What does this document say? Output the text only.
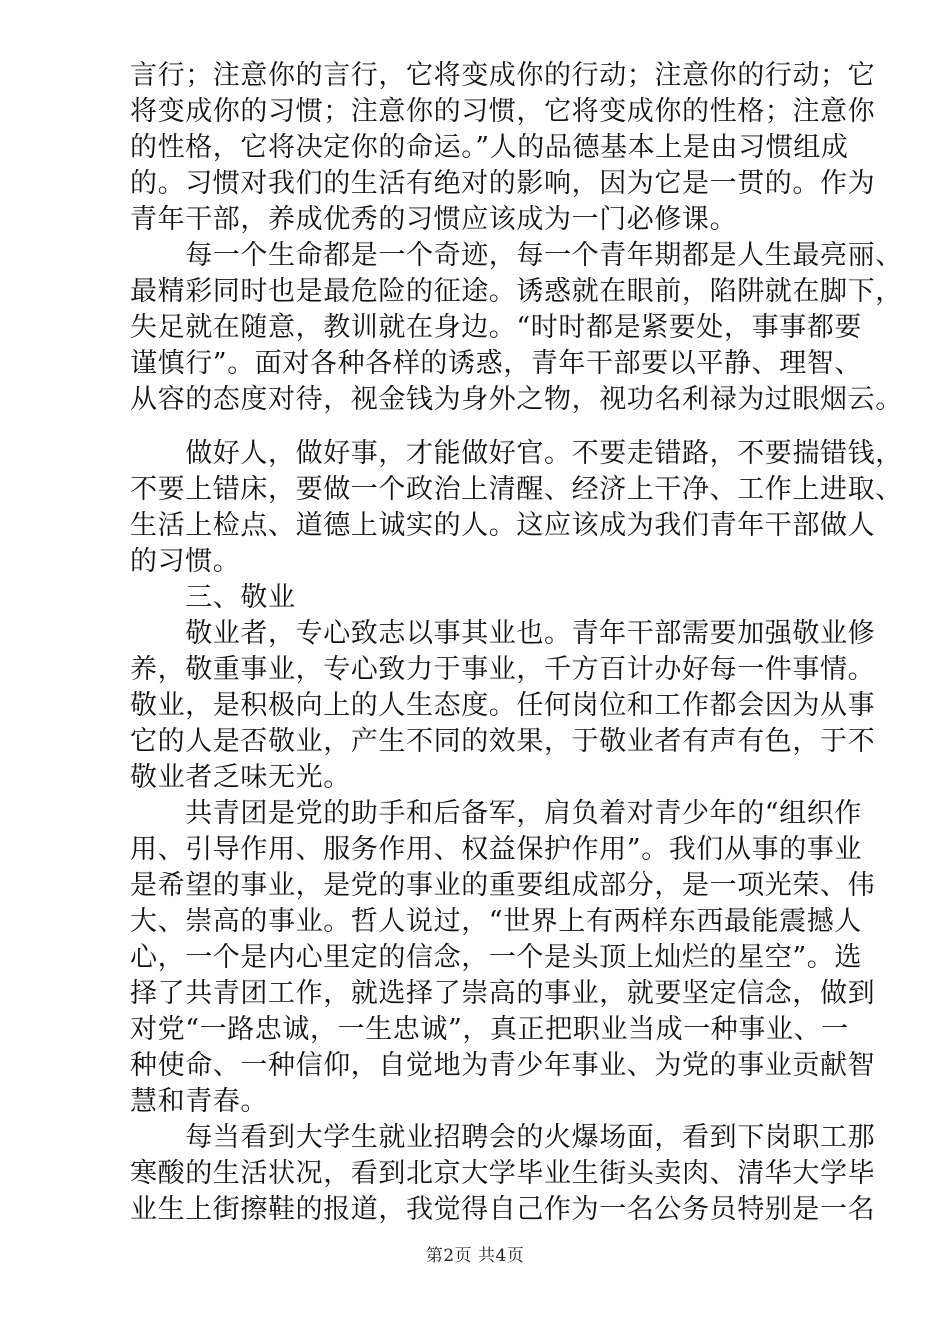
言行；注意你的言行，它将变成你的行动；注意你的行动；它
将变成你的习惯；注意你的习惯，它将变成你的性格；注意你
的性格，它将决定你的命运。”人的品德基本上是由习惯组成
的。习惯对我们的生活有绝对的影响，因为它是一贯的。作为
青年干部，养成优秀的习惯应该成为一门必修课。
　　每一个生命都是一个奇迹，每一个青年期都是人生最亮丽、
最精彩同时也是最危险的征途。诱惑就在眼前，陷阱就在脚下，
失足就在随意，教训就在身边。“时时都是紧要处，事事都要
谨慎行”。面对各种各样的诱惑，青年干部要以平静、理智、
从容的态度对待，视金钱为身外之物，视功名利禄为过眼烟云。
　　做好人，做好事，才能做好官。不要走错路，不要揣错钱，
不要上错床，要做一个政治上清醒、经济上干净、工作上进取、
生活上检点、道德上诚实的人。这应该成为我们青年干部做人
的习惯。
　　三、敬业
　　敬业者，专心致志以事其业也。青年干部需要加强敬业修
养，敬重事业，专心致力于事业，千方百计办好每一件事情。
敬业，是积极向上的人生态度。任何岗位和工作都会因为从事
它的人是否敬业，产生不同的效果，于敬业者有声有色，于不
敬业者乏味无光。
　　共青团是党的助手和后备军，肩负着对青少年的“组织作
用、引导作用、服务作用、权益保护作用”。我们从事的事业
是希望的事业，是党的事业的重要组成部分，是一项光荣、伟
大、崇高的事业。哲人说过，“世界上有两样东西最能震撼人
心，一个是内心里定的信念，一个是头顶上灿烂的星空”。选
择了共青团工作，就选择了崇高的事业，就要坚定信念，做到
对党“一路忠诚，一生忠诚”，真正把职业当成一种事业、一
种使命、一种信仰，自觉地为青少年事业、为党的事业贡献智
慧和青春。
　　每当看到大学生就业招聘会的火爆场面，看到下岗职工那
寒酸的生活状况，看到北京大学毕业生街头卖肉、清华大学毕
业生上街擦鞋的报道，我觉得自己作为一名公务员特别是一名
第2页 共4页
